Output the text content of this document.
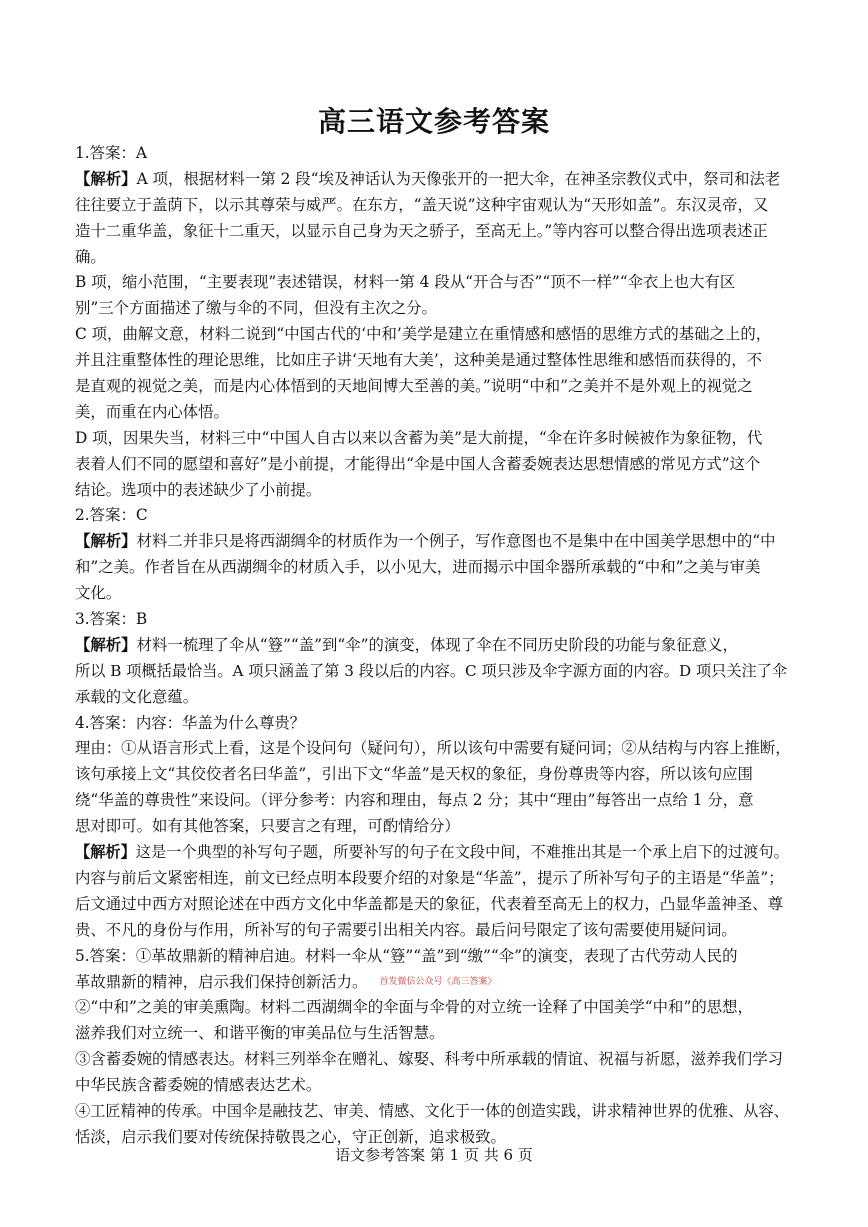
高三语文参考答案
1.答案：A
【解析】A 项，根据材料一第 2 段“埃及神话认为天像张开的一把大伞，在神圣宗教仪式中，祭司和法老
往往要立于盖荫下，以示其尊荣与威严。在东方，“盖天说”这种宇宙观认为“天形如盖”。东汉灵帝，又
造十二重华盖，象征十二重天，以显示自己身为天之骄子，至高无上。”等内容可以整合得出选项表述正
确。
B 项，缩小范围，“主要表现”表述错误，材料一第 4 段从“开合与否”“顶不一样”“伞衣上也大有区
别”三个方面描述了缴与伞的不同，但没有主次之分。
C 项，曲解文意，材料二说到“中国古代的‘中和’美学是建立在重情感和感悟的思维方式的基础之上的，
并且注重整体性的理论思维，比如庄子讲‘天地有大美’，这种美是通过整体性思维和感悟而获得的，不
是直观的视觉之美，而是内心体悟到的天地间博大至善的美。”说明“中和”之美并不是外观上的视觉之
美，而重在内心体悟。
D 项，因果失当，材料三中“中国人自古以来以含蓄为美”是大前提，“伞在许多时候被作为象征物，代
表着人们不同的愿望和喜好”是小前提，才能得出“伞是中国人含蓄委婉表达思想情感的常见方式”这个
结论。选项中的表述缺少了小前提。
2.答案：C
【解析】材料二并非只是将西湖绸伞的材质作为一个例子，写作意图也不是集中在中国美学思想中的“中
和”之美。作者旨在从西湖绸伞的材质入手，以小见大，进而揭示中国伞器所承载的“中和”之美与审美
文化。
3.答案：B
【解析】材料一梳理了伞从“簦”“盖”到“伞”的演变，体现了伞在不同历史阶段的功能与象征意义，
所以 B 项概括最恰当。A 项只涵盖了第 3 段以后的内容。C 项只涉及伞字源方面的内容。D 项只关注了伞
承载的文化意蕴。
4.答案：内容：华盖为什么尊贵？
理由：①从语言形式上看，这是个设问句（疑问句），所以该句中需要有疑问词；②从结构与内容上推断，
该句承接上文“其佼佼者名曰华盖”，引出下文“华盖”是天权的象征，身份尊贵等内容，所以该句应围
绕“华盖的尊贵性”来设问。（评分参考：内容和理由，每点 2 分；其中“理由”每答出一点给 1 分，意
思对即可。如有其他答案，只要言之有理，可酌情给分）
【解析】这是一个典型的补写句子题，所要补写的句子在文段中间，不难推出其是一个承上启下的过渡句。
内容与前后文紧密相连，前文已经点明本段要介绍的对象是“华盖”，提示了所补写句子的主语是“华盖”；
后文通过中西方对照论述在中西方文化中华盖都是天的象征，代表着至高无上的权力，凸显华盖神圣、尊
贵、不凡的身份与作用，所补写的句子需要引出相关内容。最后问号限定了该句需要使用疑问词。
5.答案：①革故鼎新的精神启迪。材料一伞从“簦”“盖”到“缴”“伞”的演变，表现了古代劳动人民的
革故鼎新的精神，启示我们保持创新活力。 首发微信公众号《高三答案》
②“中和”之美的审美熏陶。材料二西湖绸伞的伞面与伞骨的对立统一诠释了中国美学“中和”的思想，
滋养我们对立统一、和谐平衡的审美品位与生活智慧。
③含蓄委婉的情感表达。材料三列举伞在赠礼、嫁娶、科考中所承载的情谊、祝福与祈愿，滋养我们学习
中华民族含蓄委婉的情感表达艺术。
④工匠精神的传承。中国伞是融技艺、审美、情感、文化于一体的创造实践，讲求精神世界的优雅、从容、
恬淡，启示我们要对传统保持敬畏之心，守正创新，追求极致。
语文参考答案 第 1 页 共 6 页
